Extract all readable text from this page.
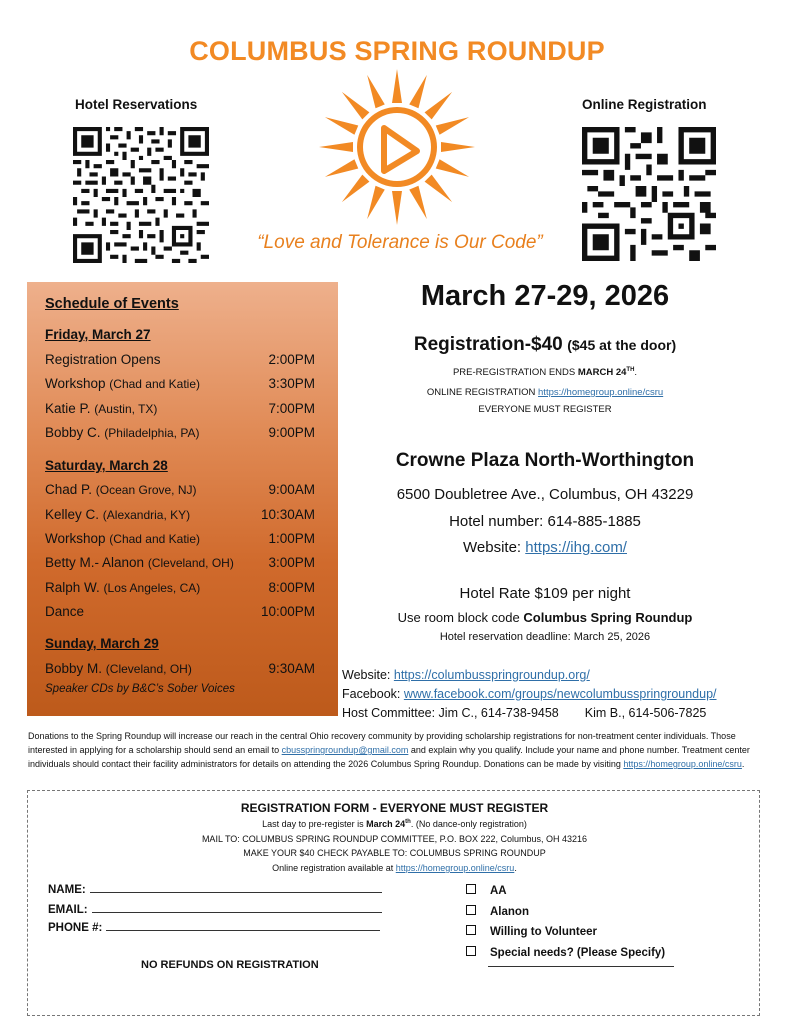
COLUMBUS SPRING ROUNDUP
Hotel Reservations	Online Registration
“Love and Tolerance is Our Code”
Schedule of Events
Friday, March 27
Registration Opens	2:00PM
Workshop (Chad and Katie)	3:30PM
Katie P. (Austin, TX)	7:00PM
Bobby C. (Philadelphia, PA)	9:00PM
Saturday, March 28
Chad P. (Ocean Grove, NJ)	9:00AM
Kelley C. (Alexandria, KY)	10:30AM
Workshop (Chad and Katie)	1:00PM
Betty M.- Alanon (Cleveland, OH)	3:00PM
Ralph W. (Los Angeles, CA)	8:00PM
Dance	10:00PM
Sunday, March 29
Bobby M. (Cleveland, OH)	9:30AM
Speaker CDs by B&C’s Sober Voices
March 27-29, 2026
Registration-$40 ($45 at the door)
PRE-REGISTRATION ENDS MARCH 24TH.
ONLINE REGISTRATION https://homegroup.online/csru
EVERYONE MUST REGISTER
Crowne Plaza North-Worthington
6500 Doubletree Ave., Columbus, OH 43229
Hotel number: 614-885-1885
Website: https://ihg.com/
Hotel Rate $109 per night
Use room block code Columbus Spring Roundup
Hotel reservation deadline: March 25, 2026
Website: https://columbusspringroundup.org/
Facebook: www.facebook.com/groups/newcolumbusspringroundup/
Host Committee: Jim C., 614-738-9458 Kim B., 614-506-7825
Donations to the Spring Roundup will increase our reach in the central Ohio recovery community by providing scholarship registrations for non-treatment center individuals. Those interested in applying for a scholarship should send an email to cbusspringroundup@gmail.com and explain why you qualify. Include your name and phone number. Treatment center individuals should contact their facility administrators for details on attending the 2026 Columbus Spring Roundup. Donations can be made by visiting https://homegroup.online/csru.
REGISTRATION FORM - EVERYONE MUST REGISTER
Last day to pre-register is March 24th. (No dance-only registration)
MAIL TO: COLUMBUS SPRING ROUNDUP COMMITTEE, P.O. BOX 222, Columbus, OH 43216
MAKE YOUR $40 CHECK PAYABLE TO: COLUMBUS SPRING ROUNDUP
Online registration available at https://homegroup.online/csru.
NAME:
EMAIL:
PHONE #:
NO REFUNDS ON REGISTRATION
AA
Alanon
Willing to Volunteer
Special needs? (Please Specify)
